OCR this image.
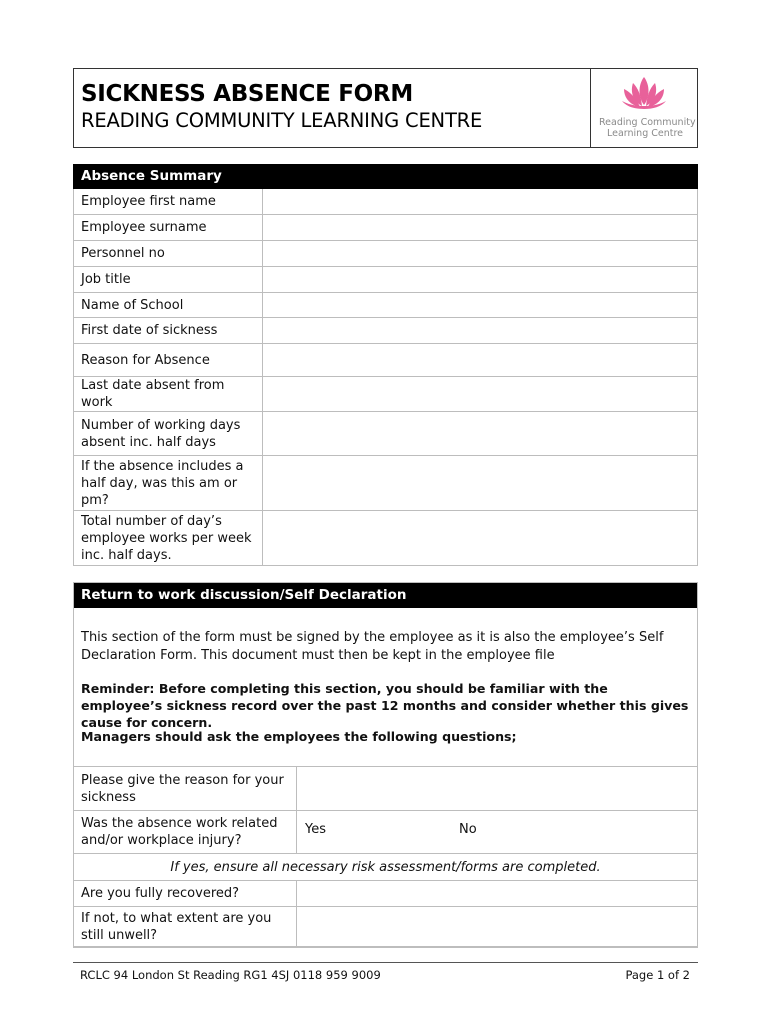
SICKNESS ABSENCE FORM
READING COMMUNITY LEARNING CENTRE	Reading Community
Learning Centre
Absence Summary	
Employee first name	
Employee surname	
Personnel no	
Job title	
Name of School	
First date of sickness	
Reason for Absence	
Last date absent from work	
Number of working days absent inc. half days	
If the absence includes a half day, was this am or pm?	
Total number of day’s employee works per week inc. half days.	
Return to work discussion/Self Declaration
This section of the form must be signed by the employee as it is also the employee’s Self Declaration Form. This document must then be kept in the employee file
Reminder: Before completing this section, you should be familiar with the employee’s sickness record over the past 12 months and consider whether this gives cause for concern.
Managers should ask the employees the following questions;
Please give the reason for your sickness	
Was the absence work related and/or workplace injury?	Yes No

If yes, ensure all necessary risk assessment/forms are completed.	
Are you fully recovered?	
If not, to what extent are you still unwell?	
RCLC 94 London St Reading RG1 4SJ 0118 959 9009	Page 1 of 2
